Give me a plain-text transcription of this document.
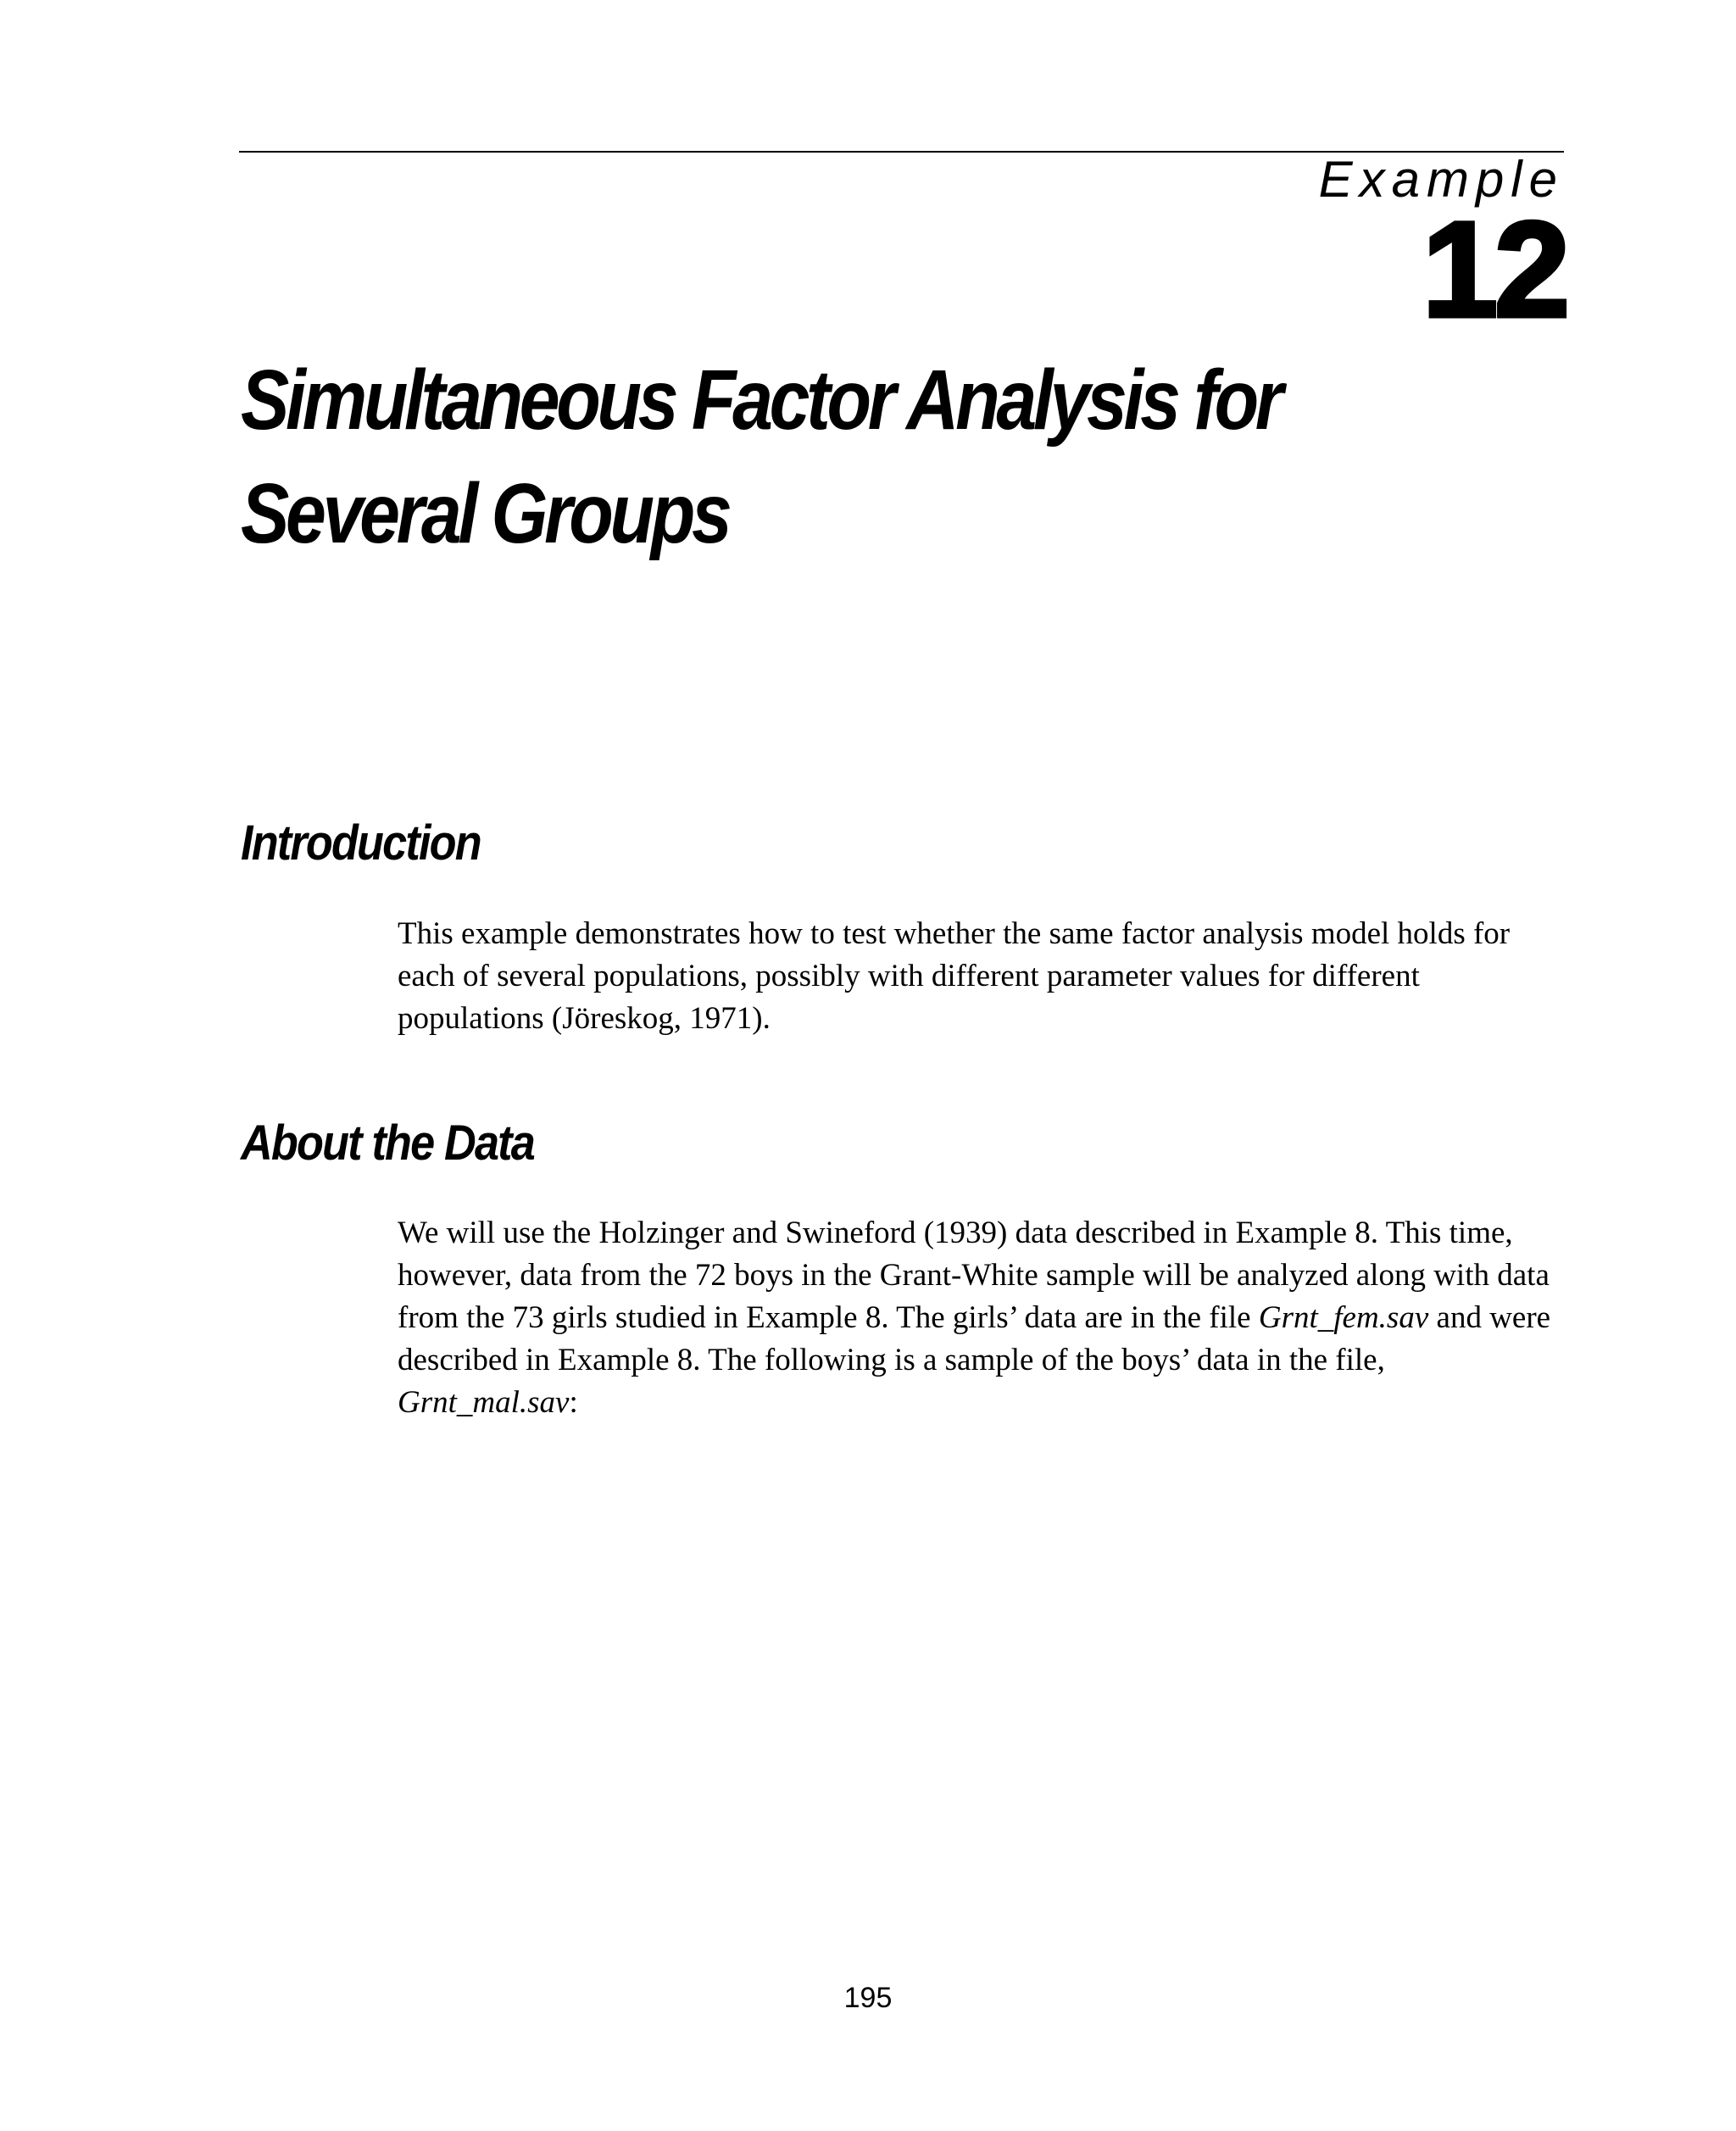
Example
12
Simultaneous Factor Analysis for
Several Groups
Introduction

This example demonstrates how to test whether the same factor analysis model holds for each of several populations, possibly with different parameter values for different populations (Jöreskog, 1971).

About the Data

We will use the Holzinger and Swineford (1939) data described in Example 8. This time, however, data from the 72 boys in the Grant-White sample will be analyzed along with data from the 73 girls studied in Example 8. The girls’ data are in the file Grnt_fem.sav and were described in Example 8. The following is a sample of the boys’ data in the file, Grnt_mal.sav:

195
